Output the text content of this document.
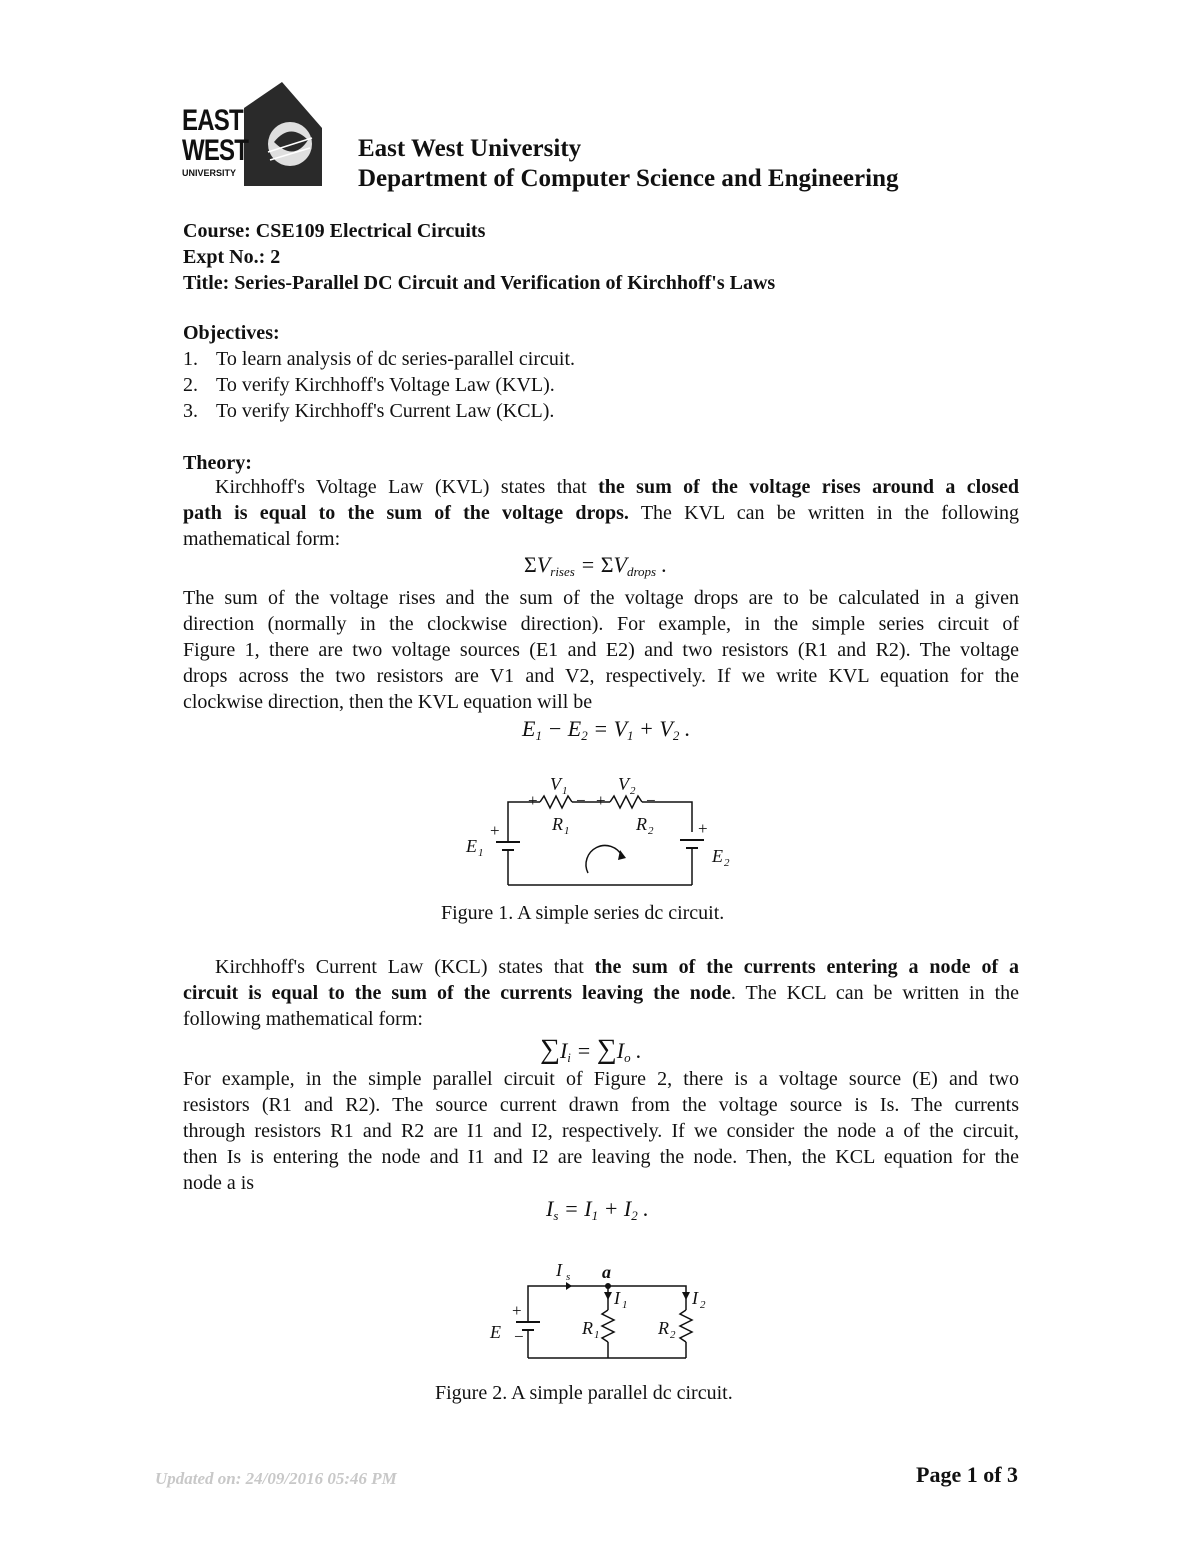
EAST
WEST
UNIVERSITY
East West University
Department of Computer Science and Engineering
Course: CSE109 Electrical Circuits
Expt No.: 2
Title: Series-Parallel DC Circuit and Verification of Kirchhoff's Laws
Objectives:
1. To learn analysis of dc series-parallel circuit.
2. To verify Kirchhoff's Voltage Law (KVL).
3. To verify Kirchhoff's Current Law (KCL).
Theory:
Kirchhoff's Voltage Law (KVL) states that the sum of the voltage rises around a closed
path is equal to the sum of the voltage drops. The KVL can be written in the following
mathematical form:
$\Sigma V_{rises} = \Sigma V_{drops}$ .
The sum of the voltage rises and the sum of the voltage drops are to be calculated in a given
direction (normally in the clockwise direction). For example, in the simple series circuit of
Figure 1, there are two voltage sources (E1 and E2) and two resistors (R1 and R2). The voltage
drops across the two resistors are V1 and V2, respectively. If we write KVL equation for the
clockwise direction, then the KVL equation will be
$E_1 - E_2 = V_1 + V_2$ .
V 1	V 2
R 1	R 2
E 1	E 2
+ − + −
+	+
Figure 1. A simple series dc circuit.
Kirchhoff's Current Law (KCL) states that the sum of the currents entering a node of a
circuit is equal to the sum of the currents leaving the node. The KCL can be written in the
following mathematical form:
$\sum I_i = \sum I_o$ .
For example, in the simple parallel circuit of Figure 2, there is a voltage source (E) and two
resistors (R1 and R2). The source current drawn from the voltage source is Is. The currents
through resistors R1 and R2 are I1 and I2, respectively. If we consider the node a of the circuit,
then Is is entering the node and I1 and I2 are leaving the node. Then, the KCL equation for the
node a is
$I_s = I_1 + I_2$ .
I s a
I 1	I 2
E	R 1	R 2
+
−
Figure 2. A simple parallel dc circuit.
Updated on: 24/09/2016 05:46 PM	Page 1 of 3
